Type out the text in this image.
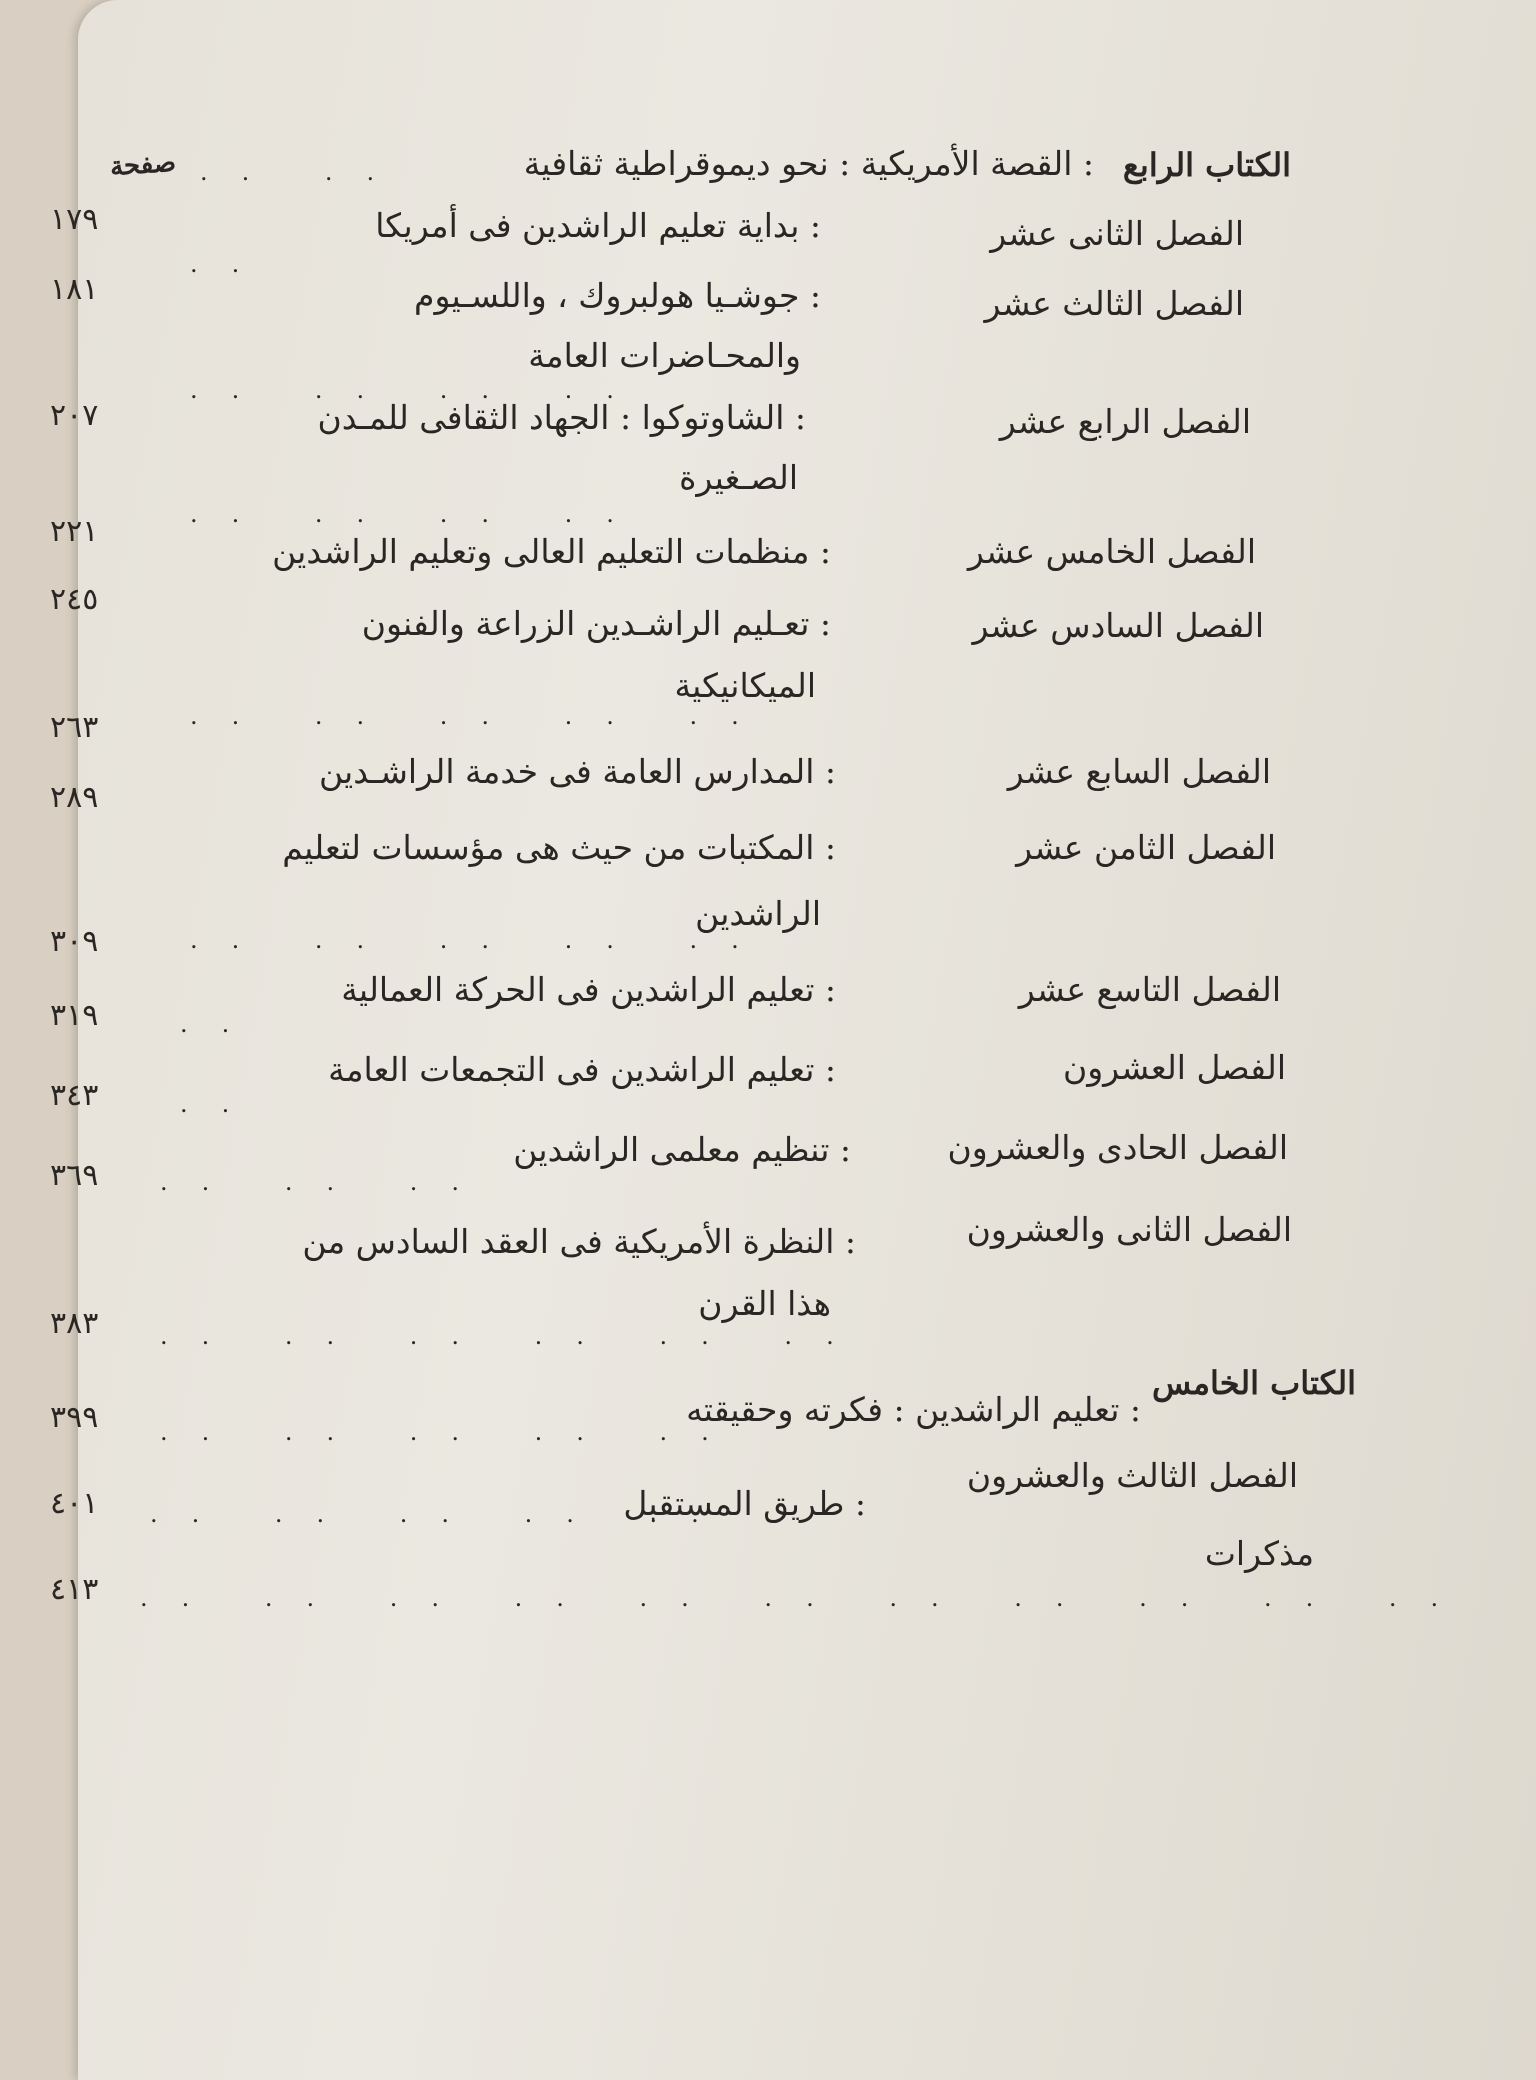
صفحة	الكتاب الرابع
: القصة الأمريكية : نحو ديموقراطية ثقافية
.. ..
الفصل الثانى عشر
: بداية تعليم الراشدين فى أمريكا
..
١٧٩
الفصل الثالث عشر
: جوشـيا هولبروك ، واللسـيوم
والمحـاضرات العامة
.. .. .. ..
١٨١
الفصل الرابع عشر
: الشاوتوكوا : الجهاد الثقافى للمـدن
الصـغيرة
.. .. .. ..
٢٠٧
الفصل الخامس عشر
: منظمات التعليم العالى وتعليم الراشدين
٢٢١
الفصل السادس عشر
: تعـليم الراشـدين الزراعة والفنون
الميكانيكية
.. .. .. .. ..
٢٤٥
الفصل السابع عشر
: المدارس العامة فى خدمة الراشـدين
٢٦٣
الفصل الثامن عشر
: المكتبات من حيث هى مؤسسات لتعليم
الراشدين
.. .. .. .. ..
٢٨٩
٣٠٩
الفصل التاسع عشر
: تعليم الراشدين فى الحركة العمالية
..
٣١٩
الفصل العشرون
: تعليم الراشدين فى التجمعات العامة
..
٣٤٣
الفصل الحادى والعشرون
: تنظيم معلمى الراشدين
.. .. ..
٣٦٩
الفصل الثانى والعشرون
: النظرة الأمريكية فى العقد السادس من
هذا القرن
.. .. .. .. .. ..
٣٨٣
الكتاب الخامس
: تعليم الراشدين : فكرته وحقيقته
.. .. .. .. ..
٣٩٩
الفصل الثالث والعشرون
: طريق المستقبل
.. .. .. .. ..
٤٠١
مذكرات
.. .. .. .. .. .. .. .. .. .. ..
٤١٣
